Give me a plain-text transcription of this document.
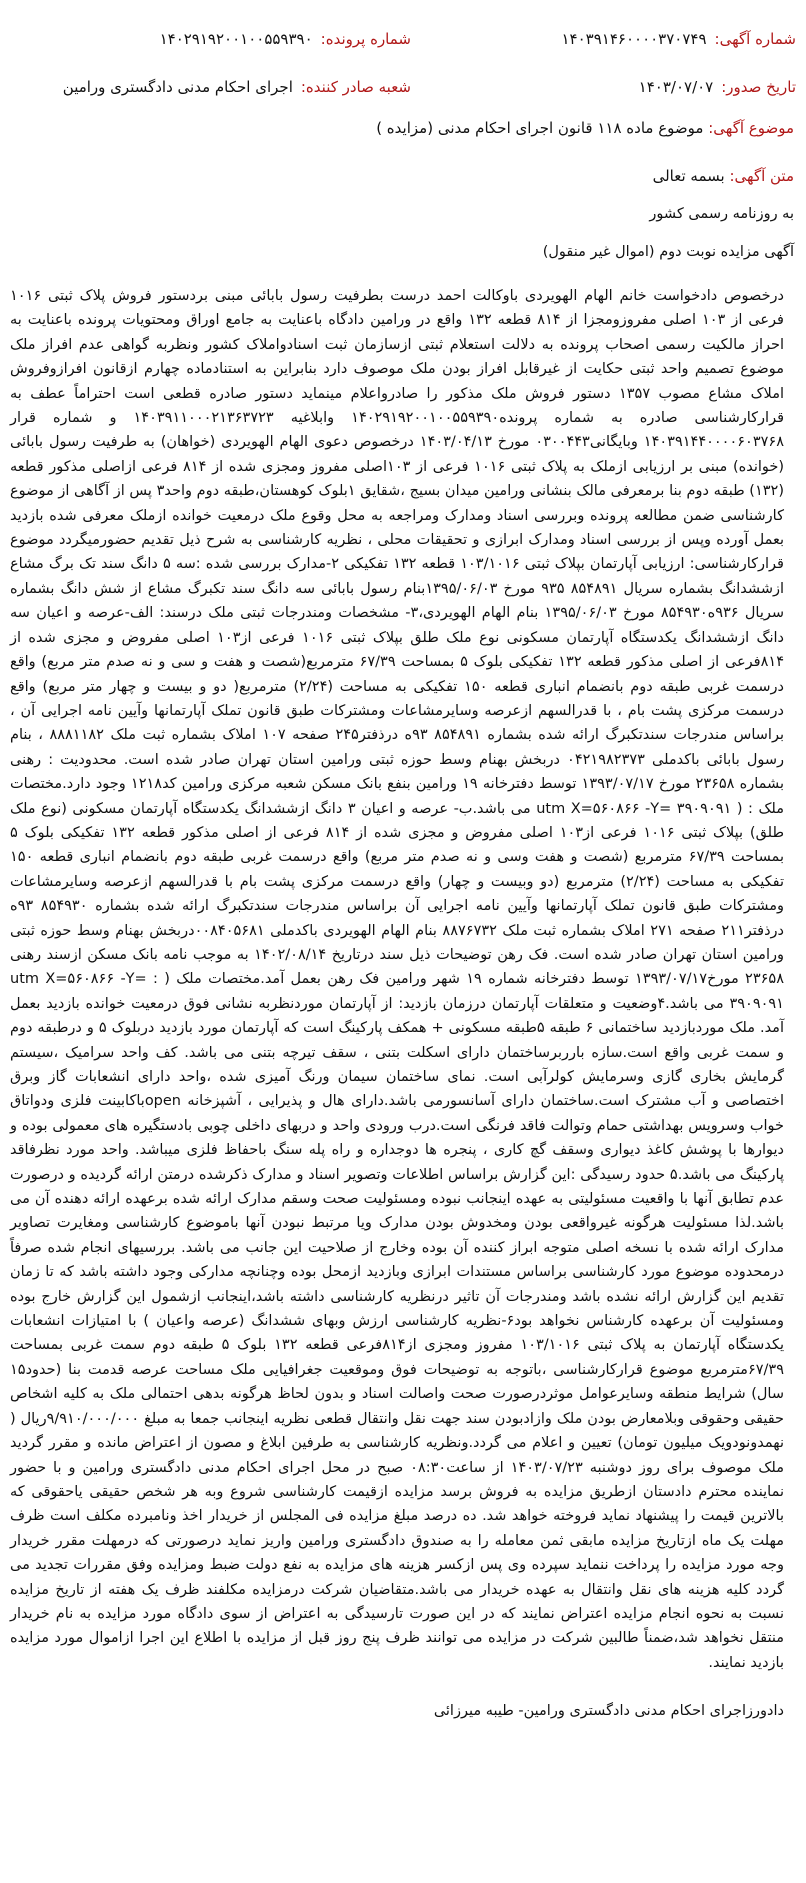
شماره آگهی:۱۴۰۳۹۱۴۶۰۰۰۰۳۷۰۷۴۹
شماره پرونده:۱۴۰۲۹۱۹۲۰۰۱۰۰۵۵۹۳۹۰
تاریخ صدور:۱۴۰۳/۰۷/۰۷
شعبه صادر کننده:اجرای احکام مدنی دادگستری ورامین

موضوع آگهی: موضوع ماده ۱۱۸ قانون اجرای احکام مدنی (مزایده )

متن آگهی: بسمه تعالی

به روزنامه رسمی کشور

آگهی مزایده نوبت دوم (اموال غیر منقول)

درخصوص دادخواست خانم الهام الهویردی باوکالت احمد درست بطرفیت رسول بابائی مبنی بردستور فروش پلاک ثبتی ۱۰۱۶ فرعی از ۱۰۳ اصلی مفروزومجزا از ۸۱۴ قطعه ۱۳۲ واقع در ورامین دادگاه باعنایت به جامع اوراق ومحتویات پرونده باعنایت به احراز مالکیت رسمی اصحاب پرونده به دلالت استعلام ثبتی ازسازمان ثبت اسنادواملاک کشور ونظربه گواهی عدم افراز ملک موضوع تصمیم واحد ثبتی حکایت از غیرقابل افراز بودن ملک موصوف دارد بنابراین به استنادماده چهارم ازقانون افرازوفروش املاک مشاع مصوب ۱۳۵۷ دستور فروش ملک مذکور را صادرواعلام مینماید دستور صادره قطعی است احتراماً عطف به قرارکارشناسی صادره به شماره پرونده۱۴۰۲۹۱۹۲۰۰۱۰۰۵۵۹۳۹۰ وابلاغیه ۱۴۰۳۹۱۱۰۰۰۲۱۳۶۳۷۲۳ و شماره قرار ۱۴۰۳۹۱۴۴۰۰۰۰۶۰۳۷۶۸ وبایگانی۰۳۰۰۴۴۳ مورخ ۱۴۰۳/۰۴/۱۳ درخصوص دعوی الهام الهویردی (خواهان) به طرفیت رسول بابائی (خوانده) مبنی بر ارزیابی ازملک به پلاک ثبتی ۱۰۱۶ فرعی از ۱۰۳اصلی مفروز ومجزی شده از ۸۱۴ فرعی ازاصلی مذکور قطعه (۱۳۲) طبقه دوم بنا برمعرفی مالک بنشانی ورامین میدان بسیج ،شقایق ۱بلوک کوهستان،طبقه دوم واحد۳ پس از آگاهی از موضوع کارشناسی ضمن مطالعه پرونده وبررسی اسناد ومدارک ومراجعه به محل وقوع ملک درمعیت خوانده ازملک معرفی شده بازدید بعمل آورده وپس از بررسی اسناد ومدارک ابرازی و تحقیقات محلی ، نظریه کارشناسی به شرح ذیل تقدیم حضورمیگردد موضوع قرارکارشناسی: ارزیابی آپارتمان بپلاک ثبتی ۱۰۳/۱۰۱۶ قطعه ۱۳۲ تفکیکی ۲-مدارک بررسی شده :سه ۵ دانگ سند تک برگ مشاع ازششدانگ بشماره سریال ۸۵۴۸۹۱ ۹۳۵ مورخ ۱۳۹۵/۰۶/۰۳بنام رسول بابائی سه دانگ سند تکبرگ مشاع از شش دانگ بشماره سریال ۹۳۶ه۸۵۴۹۳۰ مورخ ۱۳۹۵/۰۶/۰۳ بنام الهام الهویردی،۳- مشخصات ومندرجات ثبتی ملک درسند: الف-عرصه و اعیان سه دانگ ازششدانگ یکدستگاه آپارتمان مسکونی نوع ملک طلق بپلاک ثبتی ۱۰۱۶ فرعی از۱۰۳ اصلی مفروض و مجزی شده از ۸۱۴فرعی از اصلی مذکور قطعه ۱۳۲ تفکیکی بلوک ۵ بمساحت ۶۷/۳۹ مترمربع(شصت و هفت و سی و نه صدم متر مربع) واقع درسمت غربی طبقه دوم بانضمام انباری قطعه ۱۵۰ تفکیکی به مساحت (۲/۲۴) مترمربع( دو و بیست و چهار متر مربع) واقع درسمت مرکزی پشت بام ، با قدرالسهم ازعرصه وسایرمشاعات ومشترکات طبق قانون تملک آپارتمانها وآیین نامه اجرایی آن ، براساس مندرجات سندتکبرگ ارائه شده بشماره ۸۵۴۸۹۱ ۹۳ه درذفتر۲۴۵ صفحه ۱۰۷ املاک بشماره ثبت ملک ۸۸۸۱۱۸۲ ، بنام رسول بابائی باکدملی ۰۴۲۱۹۸۲۳۷۳ دربخش بهنام وسط حوزه ثبتی ورامین استان تهران صادر شده است. محدودیت : رهنی بشماره ۲۳۶۵۸ مورخ ۱۳۹۳/۰۷/۱۷ توسط دفترخانه ۱۹ ورامین بنفع بانک مسکن شعبه مرکزی ورامین کد۱۲۱۸ وجود دارد.مختصات ملک : ( utm X=۵۶۰۸۶۶ -Y= ۳۹۰۹۰۹۱ می باشد.ب- عرصه و اعیان ۳ دانگ ازششدانگ یکدستگاه آپارتمان مسکونی (نوع ملک طلق) بپلاک ثبتی ۱۰۱۶ فرعی از۱۰۳ اصلی مفروض و مجزی شده از ۸۱۴ فرعی از اصلی مذکور قطعه ۱۳۲ تفکیکی بلوک ۵ بمساحت ۶۷/۳۹ مترمربع (شصت و هفت وسی و نه صدم متر مربع) واقع درسمت غربی طبقه دوم بانضمام انباری قطعه ۱۵۰ تفکیکی به مساحت (۲/۲۴) مترمربع (دو وبیست و چهار) واقع درسمت مرکزی پشت بام با قدرالسهم ازعرصه وسایرمشاعات ومشترکات طبق قانون تملک آپارتمانها وآیین نامه اجرایی آن براساس مندرجات سندتکبرگ ارائه شده بشماره ۸۵۴۹۳۰ ۹۳ه درذفتر۲۱۱ صفحه ۲۷۱ املاک بشماره ثبت ملک ۸۸۷۶۷۳۲ بنام الهام الهویردی باکدملی ۰۰۸۴۰۵۶۸۱دربخش بهنام وسط حوزه ثبتی ورامین استان تهران صادر شده است. فک رهن توضیحات ذیل سند درتاریخ ۱۴۰۲/۰۸/۱۴ به موجب نامه بانک مسکن ازسند رهنی ۲۳۶۵۸ مورخ۱۳۹۳/۰۷/۱۷ توسط دفترخانه شماره ۱۹ شهر ورامین فک رهن بعمل آمد.مختصات ملک ( : utm X=۵۶۰۸۶۶ -Y= ۳۹۰۹۰۹۱ می باشد.۴وضعیت و متعلقات آپارتمان درزمان بازدید: از آپارتمان موردنظربه نشانی فوق درمعیت خوانده بازدید بعمل آمد. ملک موردبازدید ساختمانی ۶ طبقه ۵طبقه مسکونی + همکف پارکینگ است که آپارتمان مورد بازدید دربلوک ۵ و درطبقه دوم و سمت غربی واقع است.سازه بارربرساختمان دارای اسکلت بتنی ، سقف تیرچه بتنی می باشد. کف واحد سرامیک ،سیستم گرمایش بخاری گازی وسرمایش کولرآبی است. نمای ساختمان سیمان ورنگ آمیزی شده ،واحد دارای انشعابات گاز وبرق اختصاصی و آب مشترک است.ساختمان دارای آسانسورمی باشد.دارای هال و پذیرایی ، آشپزخانه openباکابینت فلزی ودواتاق خواب وسرویس بهداشتی حمام وتوالت فاقد فرنگی است.درب ورودی واحد و دربهای داخلی چوبی بادستگیره های معمولی بوده و دیوارها با پوشش کاغذ دیواری وسقف گچ کاری ، پنجره ها دوجداره و راه پله سنگ باحفاظ فلزی میباشد. واحد مورد نظرفاقد پارکینگ می باشد.۵ حدود رسیدگی :این گزارش براساس اطلاعات وتصویر اسناد و مدارک ذکرشده درمتن ارائه گردیده و درصورت عدم تطابق آنها با واقعیت مسئولیتی به عهده اینجانب نبوده ومسئولیت صحت وسقم مدارک ارائه شده برعهده ارائه دهنده آن می باشد.لذا مسئولیت هرگونه غیرواقعی بودن ومخدوش بودن مدارک ویا مرتبط نبودن آنها باموضوع کارشناسی ومغایرت تصاویر مدارک ارائه شده با نسخه اصلی متوجه ابراز کننده آن بوده وخارج از صلاحیت این جانب می باشد. بررسیهای انجام شده صرفاً درمحدوده موضوع مورد کارشناسی براساس مستندات ابرازی وبازدید ازمحل بوده وچنانچه مدارکی وجود داشته باشد که تا زمان تقدیم این گزارش ارائه نشده باشد ومندرجات آن تاثیر درنظریه کارشناسی داشته باشد،اینجانب ازشمول این گزارش خارج بوده ومسئولیت آن برعهده کارشناس نخواهد بود۶-نظریه کارشناسی ارزش وبهای ششدانگ (عرصه واعیان ) با امتیازات انشعابات یکدستگاه آپارتمان به پلاک ثبتی ۱۰۳/۱۰۱۶ مفروز ومجزی از۸۱۴فرعی قطعه ۱۳۲ بلوک ۵ طبقه دوم سمت غربی بمساحت ۶۷/۳۹مترمربع موضوع قرارکارشناسی ،باتوجه به توضیحات فوق وموقعیت جغرافیایی ملک مساحت عرصه قدمت بنا (حدود۱۵ سال) شرایط منطقه وسایرعوامل موثردرصورت صحت واصالت اسناد و بدون لحاظ هرگونه بدهی احتمالی ملک به کلیه اشخاص حقیقی وحقوقی وبلامعارض بودن ملک وازادبودن سند جهت نقل وانتقال قطعی نظریه اینجانب جمعا به مبلغ ۹/۹۱۰/۰۰۰/۰۰۰ریال ( نهمدونودویک میلیون تومان) تعیین و اعلام می گردد.ونظریه کارشناسی به طرفین ابلاغ و مصون از اعتراض مانده و مقرر گردید ملک موصوف برای روز دوشنبه ۱۴۰۳/۰۷/۲۳ از ساعت۰۸:۳۰ صبح در محل اجرای احکام مدنی دادگستری ورامین و با حضور نماینده محترم دادستان ازطریق مزایده به فروش برسد مزایده ازقیمت کارشناسی شروع وبه هر شخص حقیقی یاحقوقی که بالاترین قیمت را پیشنهاد نماید فروخته خواهد شد. ده درصد مبلغ مزایده فی المجلس از خریدار اخذ ونامبرده مکلف است ظرف مهلت یک ماه ازتاریخ مزایده مابقی ثمن معامله را به صندوق دادگستری ورامین واریز نماید درصورتی که درمهلت مقرر خریدار وجه مورد مزایده را پرداخت ننماید سپرده وی پس ازکسر هزینه های مزایده به نفع دولت ضبط ومزایده وفق مقررات تجدید می گردد کلیه هزینه های نقل وانتقال به عهده خریدار می باشد.متقاضیان شرکت درمزایده مکلفند ظرف یک هفته از تاریخ مزایده نسبت به نحوه انجام مزایده اعتراض نمایند که در این صورت تارسیدگی به اعتراض از سوی دادگاه مورد مزایده به نام خریدار منتقل نخواهد شد،ضمناً طالبین شرکت در مزایده می توانند ظرف پنج روز قبل از مزایده با اطلاع این اجرا ازاموال مورد مزایده بازدید نمایند.

دادورزاجرای احکام مدنی دادگستری ورامین- طیبه میرزائی
